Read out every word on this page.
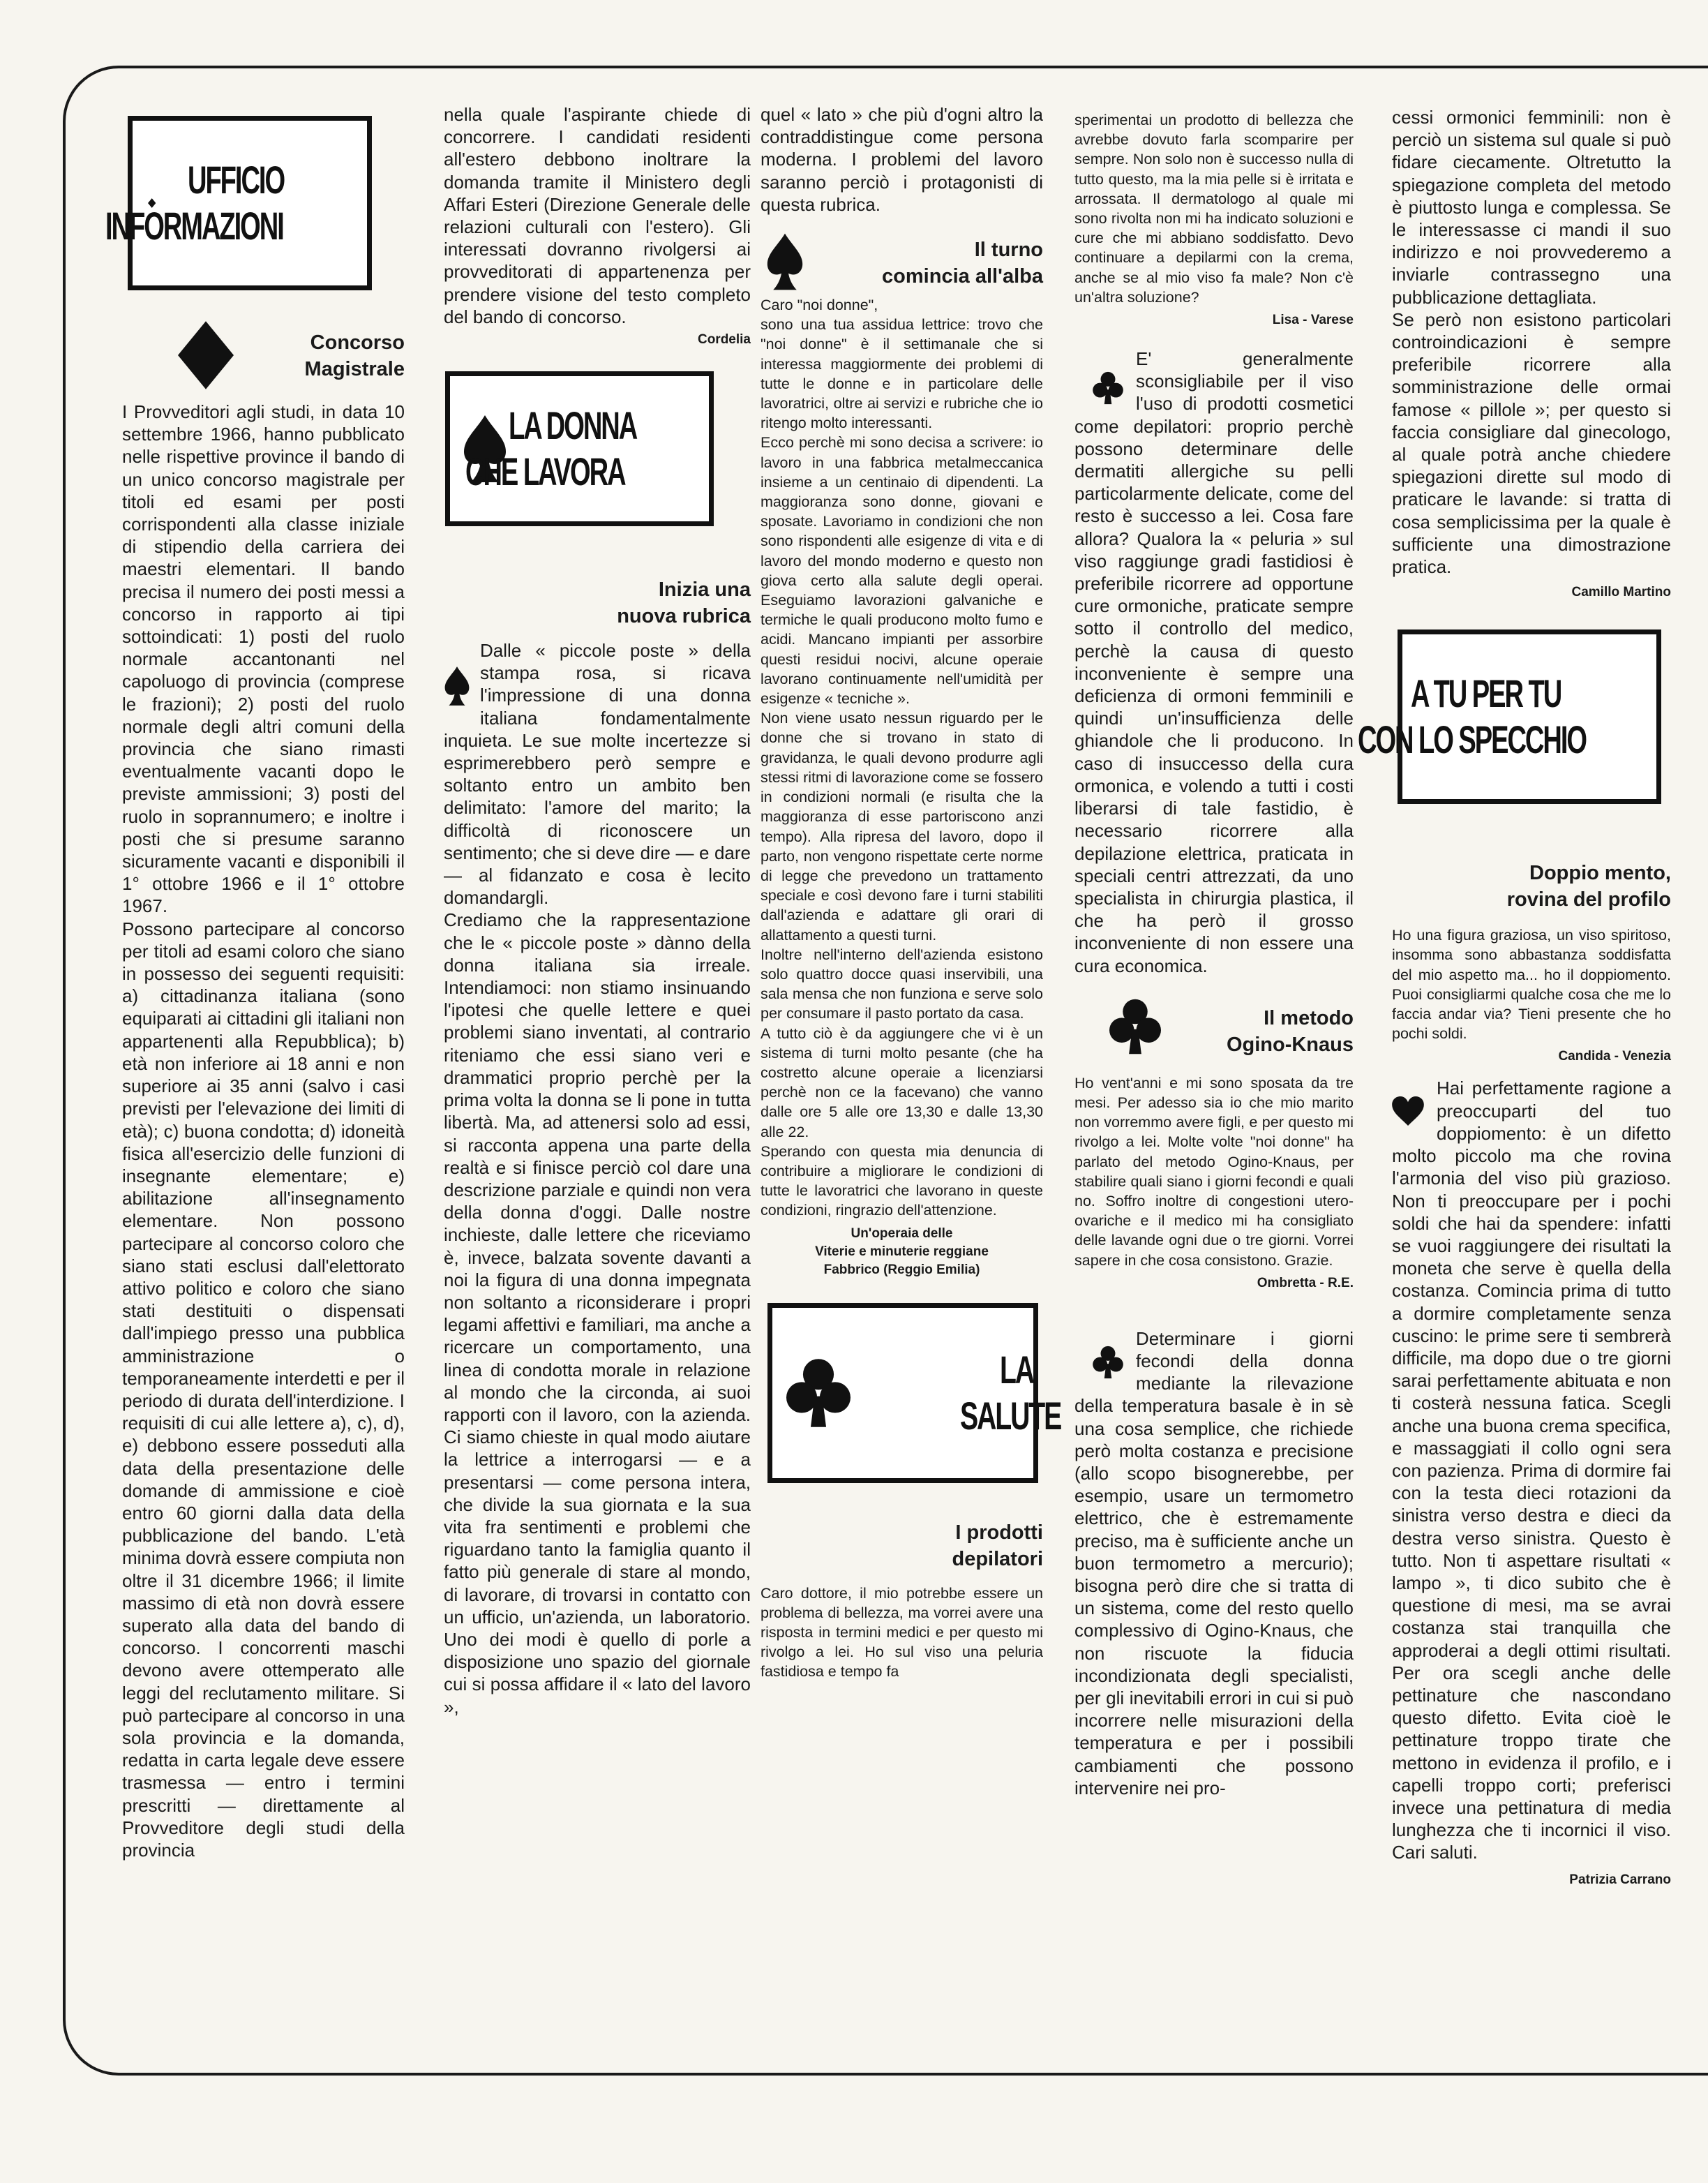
UFFICIO
INFORMAZIONI
Concorso
Magistrale
I Provveditori agli studi, in data 10 settembre 1966, hanno pubblicato nelle rispettive province il bando di un unico concorso magistrale per titoli ed esami per posti corrispondenti alla classe iniziale di stipendio della carriera dei maestri elementari. Il bando precisa il numero dei posti messi a concorso in rapporto ai tipi sottoindicati: 1) posti del ruolo normale accantonanti nel capoluogo di provincia (comprese le frazioni); 2) posti del ruolo normale degli altri comuni della provincia che siano rimasti eventualmente vacanti dopo le previste ammissioni; 3) posti del ruolo in soprannumero; e inoltre i posti che si presume saranno sicuramente vacanti e disponibili il 1° ottobre 1966 e il 1° ottobre 1967.
Possono partecipare al concorso per titoli ad esami coloro che siano in possesso dei seguenti requisiti: a) cittadinanza italiana (sono equiparati ai cittadini gli italiani non appartenenti alla Repubblica); b) età non inferiore ai 18 anni e non superiore ai 35 anni (salvo i casi previsti per l'elevazione dei limiti di età); c) buona condotta; d) idoneità fisica all'esercizio delle funzioni di insegnante elementare; e) abilitazione all'insegnamento elementare. Non possono partecipare al concorso coloro che siano stati esclusi dall'elettorato attivo politico e coloro che siano stati destituiti o dispensati dall'impiego presso una pubblica amministrazione o temporaneamente interdetti e per il periodo di durata dell'interdizione. I requisiti di cui alle lettere a), c), d), e) debbono essere posseduti alla data della presentazione delle domande di ammissione e cioè entro 60 giorni dalla data della pubblicazione del bando. L'età minima dovrà essere compiuta non oltre il 31 dicembre 1966; il limite massimo di età non dovrà essere superato alla data del bando di concorso. I concorrenti maschi devono avere ottemperato alle leggi del reclutamento militare. Si può partecipare al concorso in una sola provincia e la domanda, redatta in carta legale deve essere trasmessa — entro i termini prescritti — direttamente al Provveditore degli studi della provincia
nella quale l'aspirante chiede di concorrere. I candidati residenti all'estero debbono inoltrare la domanda tramite il Ministero degli Affari Esteri (Direzione Generale delle relazioni culturali con l'estero). Gli interessati dovranno rivolgersi ai provveditorati di appartenenza per prendere visione del testo completo del bando di concorso.
Cordelia
LA DONNA
CHE LAVORA
Inizia una
nuova rubrica
Dalle « piccole poste » della stampa rosa, si ricava l'impressione di una donna italiana fondamentalmente inquieta. Le sue molte incertezze si esprimerebbero però sempre e soltanto entro un ambito ben delimitato: l'amore del marito; la difficoltà di riconoscere un sentimento; che si deve dire — e dare — al fidanzato e cosa è lecito domandargli.
Crediamo che la rappresentazione che le « piccole poste » dànno della donna italiana sia irreale. Intendiamoci: non stiamo insinuando l'ipotesi che quelle lettere e quei problemi siano inventati, al contrario riteniamo che essi siano veri e drammatici proprio perchè per la prima volta la donna se li pone in tutta libertà. Ma, ad attenersi solo ad essi, si racconta appena una parte della realtà e si finisce perciò col dare una descrizione parziale e quindi non vera della donna d'oggi. Dalle nostre inchieste, dalle lettere che riceviamo è, invece, balzata sovente davanti a noi la figura di una donna impegnata non soltanto a riconsiderare i propri legami affettivi e familiari, ma anche a ricercare un comportamento, una linea di condotta morale in relazione al mondo che la circonda, ai suoi rapporti con il lavoro, con la azienda. Ci siamo chieste in qual modo aiutare la lettrice a interrogarsi — e a presentarsi — come persona intera, che divide la sua giornata e la sua vita fra sentimenti e problemi che riguardano tanto la famiglia quanto il fatto più generale di stare al mondo, di lavorare, di trovarsi in contatto con un ufficio, un'azienda, un laboratorio. Uno dei modi è quello di porle a disposizione uno spazio del giornale cui si possa affidare il « lato del lavoro »,
quel « lato » che più d'ogni altro la contraddistingue come persona moderna. I problemi del lavoro saranno perciò i protagonisti di questa rubrica.
Il turno
comincia all'alba
Caro "noi donne",
sono una tua assidua lettrice: trovo che "noi donne" è il settimanale che si interessa maggiormente dei problemi di tutte le donne e in particolare delle lavoratrici, oltre ai servizi e rubriche che io ritengo molto interessanti.
Ecco perchè mi sono decisa a scrivere: io lavoro in una fabbrica metalmeccanica insieme a un centinaio di dipendenti. La maggioranza sono donne, giovani e sposate. Lavoriamo in condizioni che non sono rispondenti alle esigenze di vita e di lavoro del mondo moderno e questo non giova certo alla salute degli operai. Eseguiamo lavorazioni galvaniche e termiche le quali producono molto fumo e acidi. Mancano impianti per assorbire questi residui nocivi, alcune operaie lavorano continuamente nell'umidità per esigenze « tecniche ».
Non viene usato nessun riguardo per le donne che si trovano in stato di gravidanza, le quali devono produrre agli stessi ritmi di lavorazione come se fossero in condizioni normali (e risulta che la maggioranza di esse partoriscono anzi tempo). Alla ripresa del lavoro, dopo il parto, non vengono rispettate certe norme di legge che prevedono un trattamento speciale e così devono fare i turni stabiliti dall'azienda e adattare gli orari di allattamento a questi turni.
Inoltre nell'interno dell'azienda esistono solo quattro docce quasi inservibili, una sala mensa che non funziona e serve solo per consumare il pasto portato da casa.
A tutto ciò è da aggiungere che vi è un sistema di turni molto pesante (che ha costretto alcune operaie a licenziarsi perchè non ce la facevano) che vanno dalle ore 5 alle ore 13,30 e dalle 13,30 alle 22.
Sperando con questa mia denuncia di contribuire a migliorare le condizioni di tutte le lavoratrici che lavorano in queste condizioni, ringrazio dell'attenzione.
Un'operaia delle
Viterie e minuterie reggiane
Fabbrico (Reggio Emilia)
LA
SALUTE
I prodotti
depilatori
Caro dottore, il mio potrebbe essere un problema di bellezza, ma vorrei avere una risposta in termini medici e per questo mi rivolgo a lei. Ho sul viso una peluria fastidiosa e tempo fa
sperimentai un prodotto di bellezza che avrebbe dovuto farla scomparire per sempre. Non solo non è successo nulla di tutto questo, ma la mia pelle si è irritata e arrossata. Il dermatologo al quale mi sono rivolta non mi ha indicato soluzioni e cure che mi abbiano soddisfatto. Devo continuare a depilarmi con la crema, anche se al mio viso fa male? Non c'è un'altra soluzione?
Lisa - Varese
E' generalmente sconsigliabile per il viso l'uso di prodotti cosmetici come depilatori: proprio perchè possono determinare delle dermatiti allergiche su pelli particolarmente delicate, come del resto è successo a lei. Cosa fare allora? Qualora la « peluria » sul viso raggiunge gradi fastidiosi è preferibile ricorrere ad opportune cure ormoniche, praticate sempre sotto il controllo del medico, perchè la causa di questo inconveniente è sempre una deficienza di ormoni femminili e quindi un'insufficienza delle ghiandole che li producono. In caso di insuccesso della cura ormonica, e volendo a tutti i costi liberarsi di tale fastidio, è necessario ricorrere alla depilazione elettrica, praticata in speciali centri attrezzati, da uno specialista in chirurgia plastica, il che ha però il grosso inconveniente di non essere una cura economica.
Il metodo
Ogino-Knaus
Ho vent'anni e mi sono sposata da tre mesi. Per adesso sia io che mio marito non vorremmo avere figli, e per questo mi rivolgo a lei. Molte volte "noi donne" ha parlato del metodo Ogino-Knaus, per stabilire quali siano i giorni fecondi e quali no. Soffro inoltre di congestioni utero-ovariche e il medico mi ha consigliato delle lavande ogni due o tre giorni. Vorrei sapere in che cosa consistono. Grazie.
Ombretta - R.E.
Determinare i giorni fecondi della donna mediante la rilevazione della temperatura basale è in sè una cosa semplice, che richiede però molta costanza e precisione (allo scopo bisognerebbe, per esempio, usare un termometro elettrico, che è estremamente preciso, ma è sufficiente anche un buon termometro a mercurio); bisogna però dire che si tratta di un sistema, come del resto quello complessivo di Ogino-Knaus, che non riscuote la fiducia incondizionata degli specialisti, per gli inevitabili errori in cui si può incorrere nelle misurazioni della temperatura e per i possibili cambiamenti che possono intervenire nei pro-
cessi ormonici femminili: non è perciò un sistema sul quale si può fidare ciecamente. Oltretutto la spiegazione completa del metodo è piuttosto lunga e complessa. Se le interessasse ci mandi il suo indirizzo e noi provvederemo a inviarle contrassegno una pubblicazione dettagliata.
Se però non esistono particolari controindicazioni è sempre preferibile ricorrere alla somministrazione delle ormai famose « pillole »; per questo si faccia consigliare dal ginecologo, al quale potrà anche chiedere spiegazioni dirette sul modo di praticare le lavande: si tratta di cosa semplicissima per la quale è sufficiente una dimostrazione pratica.
Camillo Martino
A TU PER TU
CON LO SPECCHIO
Doppio mento,
rovina del profilo
Ho una figura graziosa, un viso spiritoso, insomma sono abbastanza soddisfatta del mio aspetto ma... ho il doppiomento. Puoi consigliarmi qualche cosa che me lo faccia andar via? Tieni presente che ho pochi soldi.
Candida - Venezia
Hai perfettamente ragione a preoccuparti del tuo doppiomento: è un difetto molto piccolo ma che rovina l'armonia del viso più grazioso. Non ti preoccupare per i pochi soldi che hai da spendere: infatti se vuoi raggiungere dei risultati la moneta che serve è quella della costanza. Comincia prima di tutto a dormire completamente senza cuscino: le prime sere ti sembrerà difficile, ma dopo due o tre giorni sarai perfettamente abituata e non ti costerà nessuna fatica. Scegli anche una buona crema specifica, e massaggiati il collo ogni sera con pazienza. Prima di dormire fai con la testa dieci rotazioni da sinistra verso destra e dieci da destra verso sinistra. Questo è tutto. Non ti aspettare risultati « lampo », ti dico subito che è questione di mesi, ma se avrai costanza stai tranquilla che approderai a degli ottimi risultati. Per ora scegli anche delle pettinature che nascondano questo difetto. Evita cioè le pettinature troppo tirate che mettono in evidenza il profilo, e i capelli troppo corti; preferisci invece una pettinatura di media lunghezza che ti incornici il viso. Cari saluti.
Patrizia Carrano
